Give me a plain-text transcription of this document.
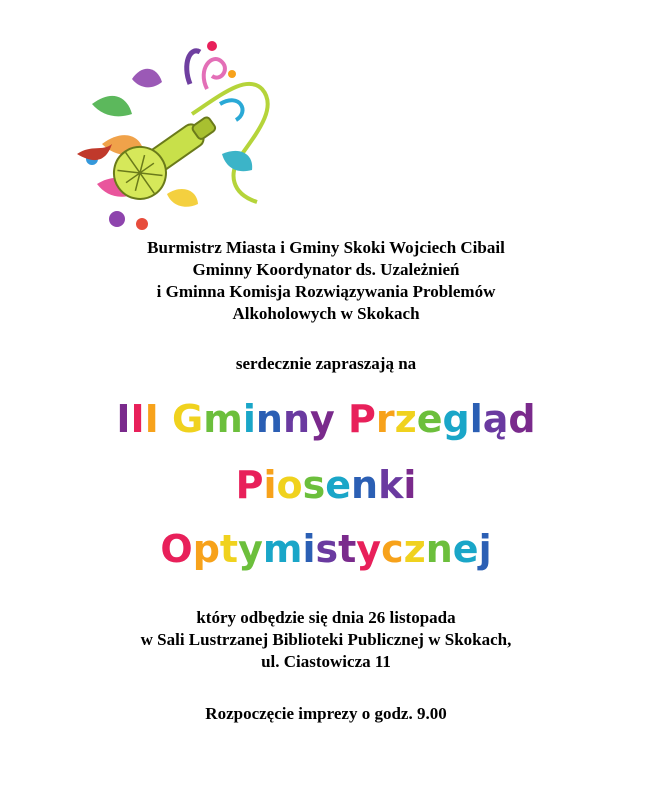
Burmistrz Miasta i Gminy Skoki Wojciech Cibail
Gminny Koordynator ds. Uzależnień
i Gminna Komisja Rozwiązywania Problemów
Alkoholowych w Skokach
serdecznie zapraszają na
III Gminny Przegląd
Piosenki
Optymistycznej
który odbędzie się dnia 26 listopada
w Sali Lustrzanej Biblioteki Publicznej w Skokach,
ul. Ciastowicza 11
Rozpoczęcie imprezy o godz. 9.00
